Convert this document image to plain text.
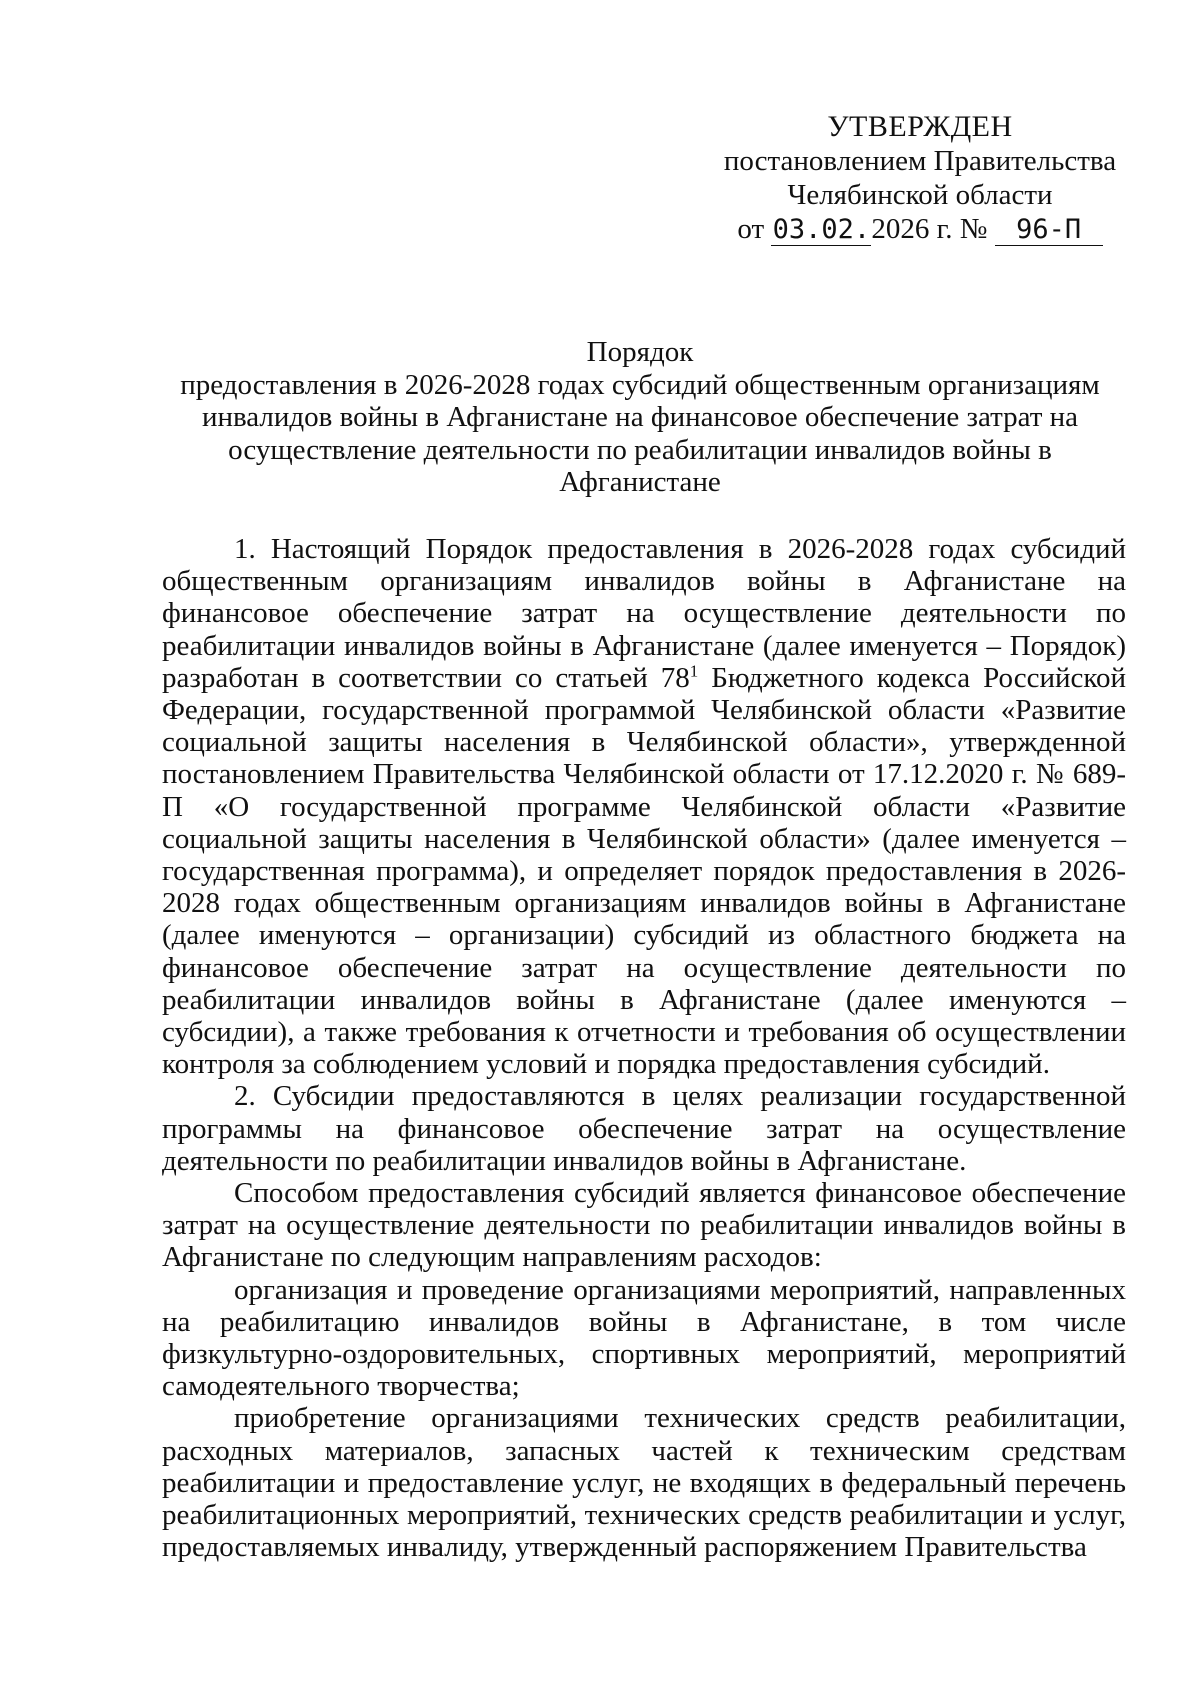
УТВЕРЖДЕН
постановлением Правительства
Челябинской области
от 03.02.2026 г. № 96-П
Порядок
предоставления в 2026-2028 годах субсидий общественным организациям инвалидов войны в Афганистане на финансовое обеспечение затрат на осуществление деятельности по реабилитации инвалидов войны в Афганистане

1. Настоящий Порядок предоставления в 2026-2028 годах субсидий общественным организациям инвалидов войны в Афганистане на финансовое обеспечение затрат на осуществление деятельности по реабилитации инвалидов войны в Афганистане (далее именуется – Порядок) разработан в соответствии со статьей $78^1$ Бюджетного кодекса Российской Федерации, государственной программой Челябинской области «Развитие социальной защиты населения в Челябинской области», утвержденной постановлением Правительства Челябинской области от 17.12.2020 г. № 689-П «О государственной программе Челябинской области «Развитие социальной защиты населения в Челябинской области» (далее именуется – государственная программа), и определяет порядок предоставления в 2026-2028 годах общественным организациям инвалидов войны в Афганистане (далее именуются – организации) субсидий из областного бюджета на финансовое обеспечение затрат на осуществление деятельности по реабилитации инвалидов войны в Афганистане (далее именуются – субсидии), а также требования к отчетности и требования об осуществлении контроля за соблюдением условий и порядка предоставления субсидий.

2. Субсидии предоставляются в целях реализации государственной программы на финансовое обеспечение затрат на осуществление деятельности по реабилитации инвалидов войны в Афганистане.

Способом предоставления субсидий является финансовое обеспечение затрат на осуществление деятельности по реабилитации инвалидов войны в Афганистане по следующим направлениям расходов:

организация и проведение организациями мероприятий, направленных на реабилитацию инвалидов войны в Афганистане, в том числе физкультурно-оздоровительных, спортивных мероприятий, мероприятий самодеятельного творчества;

приобретение организациями технических средств реабилитации, расходных материалов, запасных частей к техническим средствам реабилитации и предоставление услуг, не входящих в федеральный перечень реабилитационных мероприятий, технических средств реабилитации и услуг, предоставляемых инвалиду, утвержденный распоряжением Правительства
